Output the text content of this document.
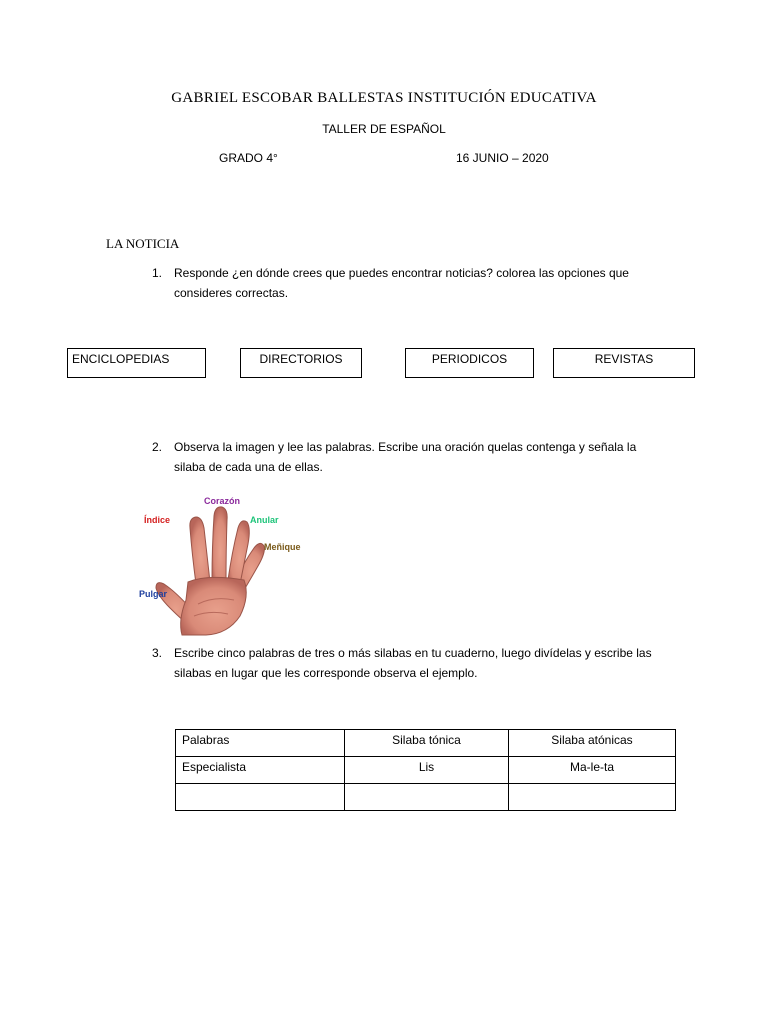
GABRIEL ESCOBAR BALLESTAS INSTITUCIÓN EDUCATIVA
TALLER DE ESPAÑOL
GRADO 4°	16 JUNIO – 2020
LA NOTICIA
1. Responde ¿en dónde crees que puedes encontrar noticias? colorea las opciones que consideres correctas.
ENCICLOPEDIAS	DIRECTORIOS	PERIODICOS	REVISTAS
2. Observa la imagen y lee las palabras. Escribe una oración quelas contenga y señala la silaba de cada una de ellas.
Índice
Corazón
Anular
Meñique
Pulgar
3. Escribe cinco palabras de tres o más silabas en tu cuaderno, luego divídelas y escribe las silabas en lugar que les corresponde observa el ejemplo.
Palabras	Silaba tónica	Silaba atónicas
Especialista	Lis	Ma-le-ta
